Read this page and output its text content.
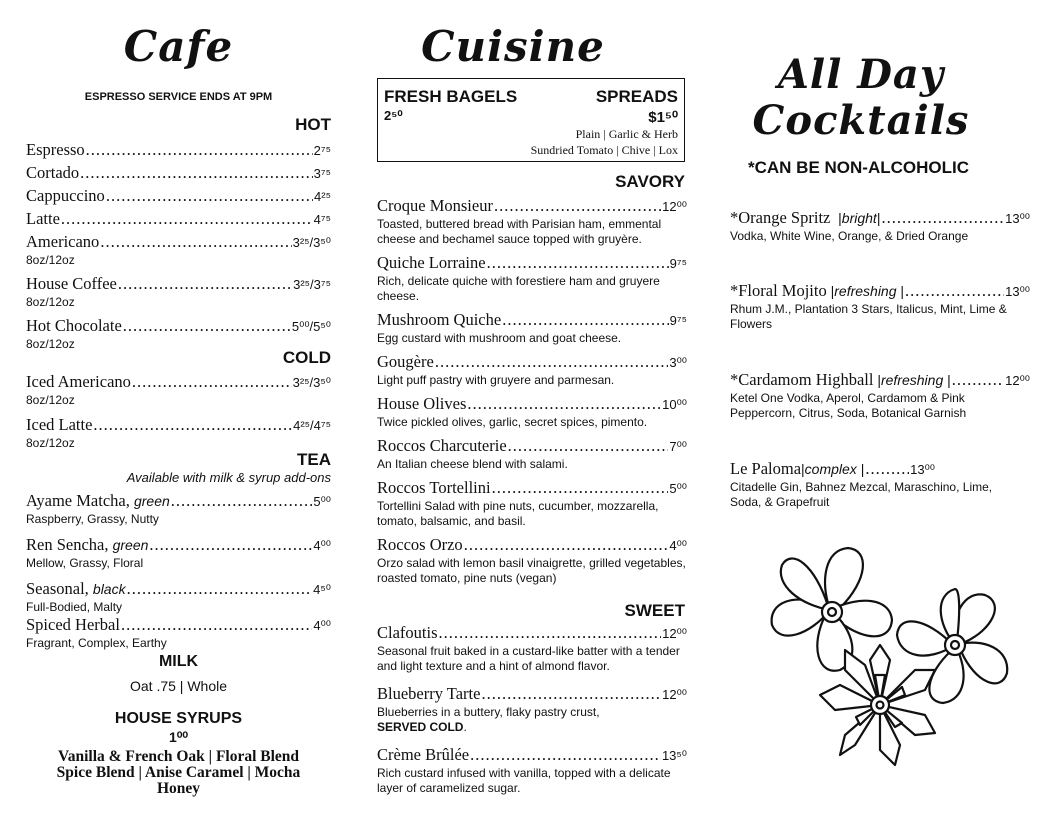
Cafe
ESPRESSO SERVICE ENDS AT 9PM
HOT
Espresso .....	2⁷⁵
Cortado .....	3⁷⁵
Cappuccino .....	4²⁵
Latte .....	4⁷⁵
Americano .....	3²⁵/3⁵⁰
8oz/12oz
House Coffee .....	3²⁵/3⁷⁵
8oz/12oz
Hot Chocolate .....	5⁰⁰/5⁵⁰
8oz/12oz
COLD
Iced Americano .....	3²⁵/3⁵⁰
8oz/12oz
Iced Latte .....	4²⁵/4⁷⁵
8oz/12oz
TEA
Available with milk & syrup add-ons
Ayame Matcha,
green .....	5⁰⁰
Raspberry, Grassy, Nutty
Ren Sencha,
green .....	4⁰⁰
Mellow, Grassy, Floral
Seasonal,
black .....	4⁵⁰
Full-Bodied, Malty
Spiced Herbal .....	4⁰⁰
Fragrant, Complex, Earthy
MILK
Oat .75 | Whole
HOUSE SYRUPS
1⁰⁰
Vanilla & French Oak | Floral Blend
Spice Blend | Anise Caramel | Mocha
Honey
Cuisine
FRESH BAGELS
2⁵⁰
SPREADS
$1⁵⁰
Plain | Garlic & Herb
Sundried Tomato | Chive | Lox
SAVORY
Croque Monsieur .....	12⁰⁰
Toasted, buttered bread with Parisian ham, emmental cheese and bechamel sauce topped with gruyère.
Quiche Lorraine .....	9⁷⁵
Rich, delicate quiche with forestiere ham and gruyere cheese.
Mushroom Quiche .....	9⁷⁵
Egg custard with mushroom and goat cheese.
Gougère .....	3⁰⁰
Light puff pastry with gruyere and parmesan.
House Olives .....	10⁰⁰
Twice pickled olives, garlic, secret spices, pimento.
Roccos Charcuterie .....	7⁰⁰
An Italian cheese blend with salami.
Roccos Tortellini .....	5⁰⁰
Tortellini Salad with pine nuts, cucumber, mozzarella, tomato, balsamic, and basil.
Roccos Orzo .....	4⁰⁰
Orzo salad with lemon basil vinaigrette, grilled vegetables, roasted tomato, pine nuts (vegan)
SWEET
Clafoutis .....	12⁰⁰
Seasonal fruit baked in a custard-like batter with a tender and light texture and a hint of almond flavor.
Blueberry Tarte .....	12⁰⁰
Blueberries in a buttery, flaky pastry crust,
SERVED COLD.
Crème Brûlée .....	13⁵⁰
Rich custard infused with vanilla, topped with a delicate layer of caramelized sugar.
All Day
Cocktails
*CAN BE NON-ALCOHOLIC
*Orange Spritz | bright | .....	13⁰⁰
Vodka, White Wine, Orange, & Dried Orange
*Floral Mojito | refreshing | .....	13⁰⁰
Rhum J.M., Plantation 3 Stars, Italicus, Mint, Lime & Flowers
*Cardamom Highball | refreshing | .....	12⁰⁰
Ketel One Vodka, Aperol, Cardamom & Pink Peppercorn, Citrus, Soda, Botanical Garnish
Le Paloma | complex | .....	13⁰⁰
Citadelle Gin, Bahnez Mezcal, Maraschino, Lime, Soda, & Grapefruit
